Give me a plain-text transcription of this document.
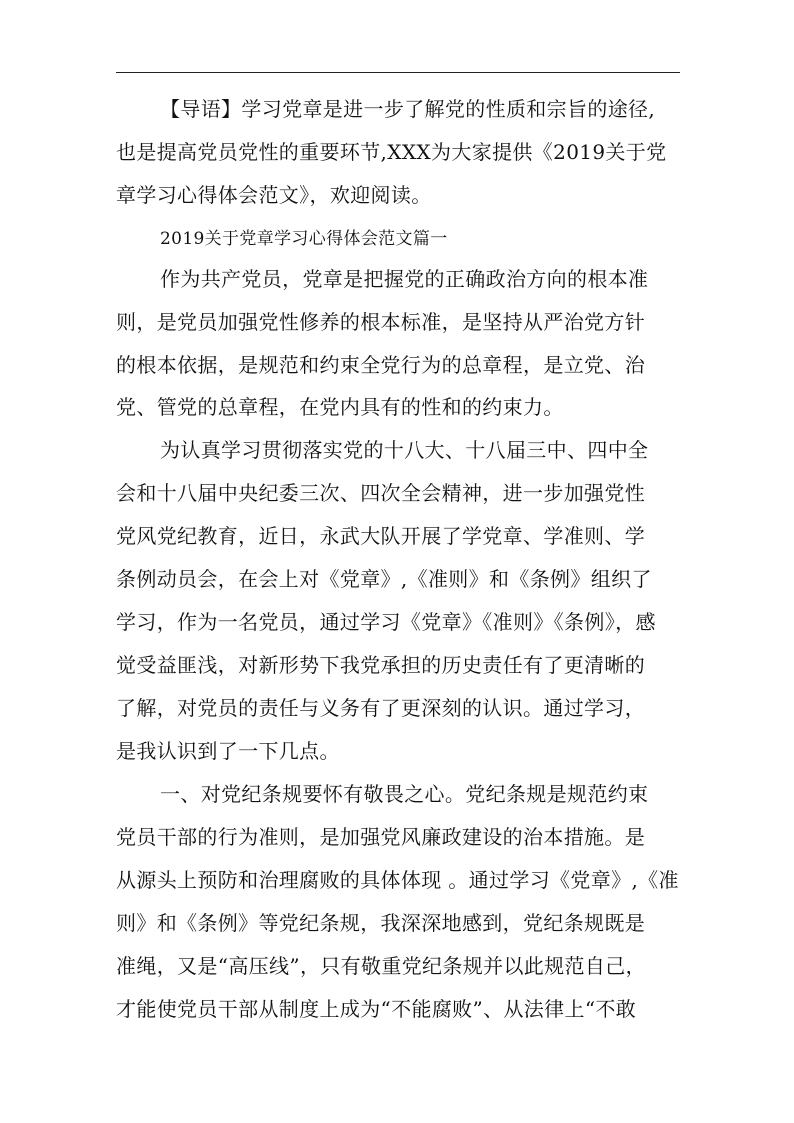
【导语】学习党章是进一步了解党的性质和宗旨的途径,
也是提高党员党性的重要环节,XXX为大家提供《2019关于党
章学习心得体会范文》，欢迎阅读。
2019关于党章学习心得体会范文篇一
作为共产党员，党章是把握党的正确政治方向的根本准
则，是党员加强党性修养的根本标准，是坚持从严治党方针
的根本依据，是规范和约束全党行为的总章程，是立党、治
党、管党的总章程，在党内具有的性和的约束力。
为认真学习贯彻落实党的十八大、十八届三中、四中全
会和十八届中央纪委三次、四次全会精神，进一步加强党性
党风党纪教育，近日，永武大队开展了学党章、学准则、学
条例动员会，在会上对《党章》,《准则》和《条例》组织了
学习，作为一名党员，通过学习《党章》《准则》《条例》，感
觉受益匪浅，对新形势下我党承担的历史责任有了更清晰的
了解，对党员的责任与义务有了更深刻的认识。通过学习，
是我认识到了一下几点。
一、对党纪条规要怀有敬畏之心。党纪条规是规范约束
党员干部的行为准则，是加强党风廉政建设的治本措施。是
从源头上预防和治理腐败的具体体现 。通过学习《党章》,《准
则》和《条例》等党纪条规，我深深地感到，党纪条规既是
准绳，又是“高压线”，只有敬重党纪条规并以此规范自己，
才能使党员干部从制度上成为“不能腐败”、从法律上“不敢
